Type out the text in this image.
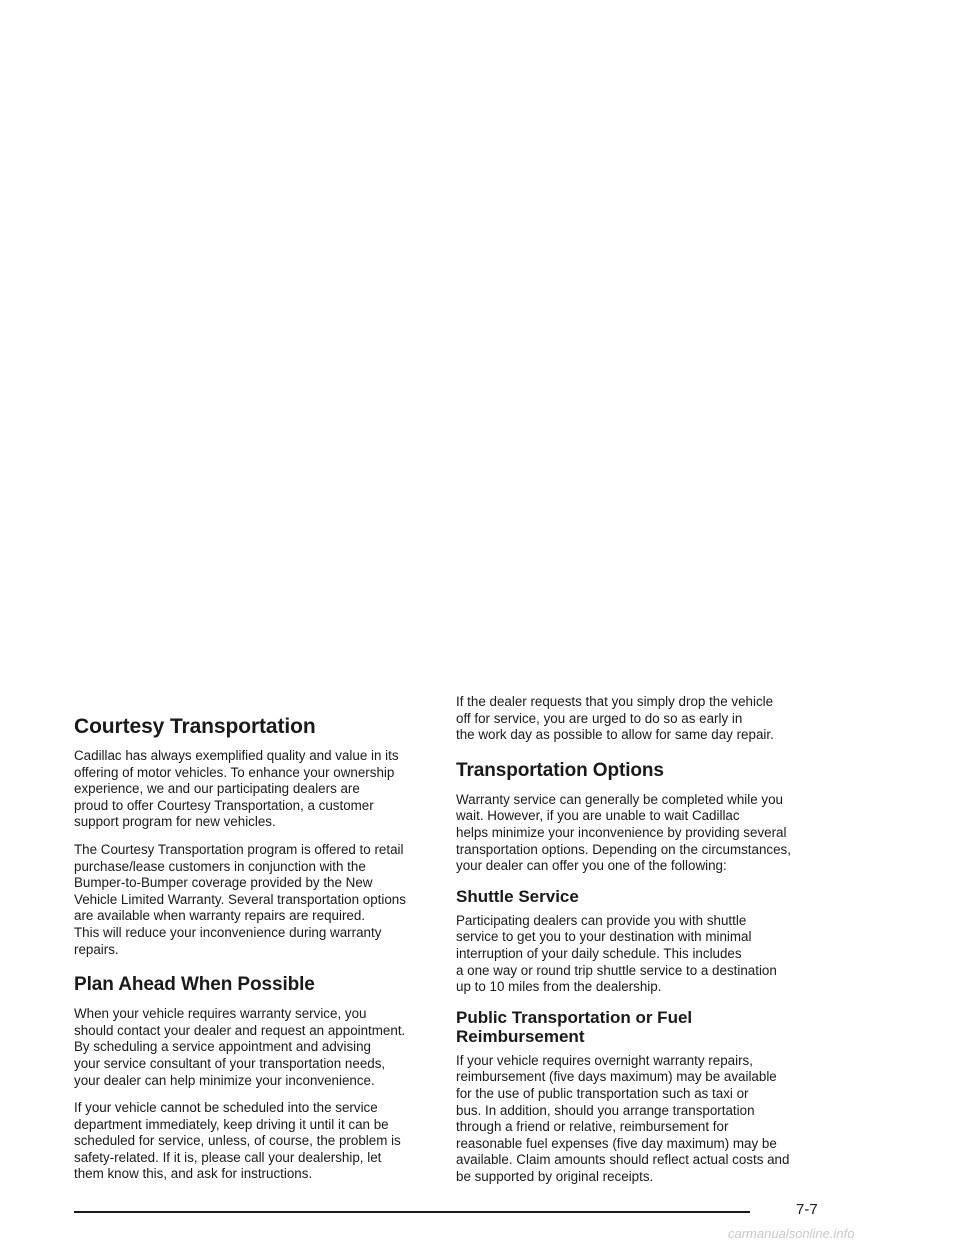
Courtesy Transportation

Cadillac has always exemplified quality and value in its
offering of motor vehicles. To enhance your ownership
experience, we and our participating dealers are
proud to offer Courtesy Transportation, a customer
support program for new vehicles.

The Courtesy Transportation program is offered to retail
purchase/lease customers in conjunction with the
Bumper-to-Bumper coverage provided by the New
Vehicle Limited Warranty. Several transportation options
are available when warranty repairs are required.
This will reduce your inconvenience during warranty
repairs.

Plan Ahead When Possible

When your vehicle requires warranty service, you
should contact your dealer and request an appointment.
By scheduling a service appointment and advising
your service consultant of your transportation needs,
your dealer can help minimize your inconvenience.

If your vehicle cannot be scheduled into the service
department immediately, keep driving it until it can be
scheduled for service, unless, of course, the problem is
safety-related. If it is, please call your dealership, let
them know this, and ask for instructions.

If the dealer requests that you simply drop the vehicle
off for service, you are urged to do so as early in
the work day as possible to allow for same day repair.

Transportation Options

Warranty service can generally be completed while you
wait. However, if you are unable to wait Cadillac
helps minimize your inconvenience by providing several
transportation options. Depending on the circumstances,
your dealer can offer you one of the following:

Shuttle Service

Participating dealers can provide you with shuttle
service to get you to your destination with minimal
interruption of your daily schedule. This includes
a one way or round trip shuttle service to a destination
up to 10 miles from the dealership.

Public Transportation or Fuel
Reimbursement

If your vehicle requires overnight warranty repairs,
reimbursement (five days maximum) may be available
for the use of public transportation such as taxi or
bus. In addition, should you arrange transportation
through a friend or relative, reimbursement for
reasonable fuel expenses (five day maximum) may be
available. Claim amounts should reflect actual costs and
be supported by original receipts.

7-7
carmanualsonline.info
